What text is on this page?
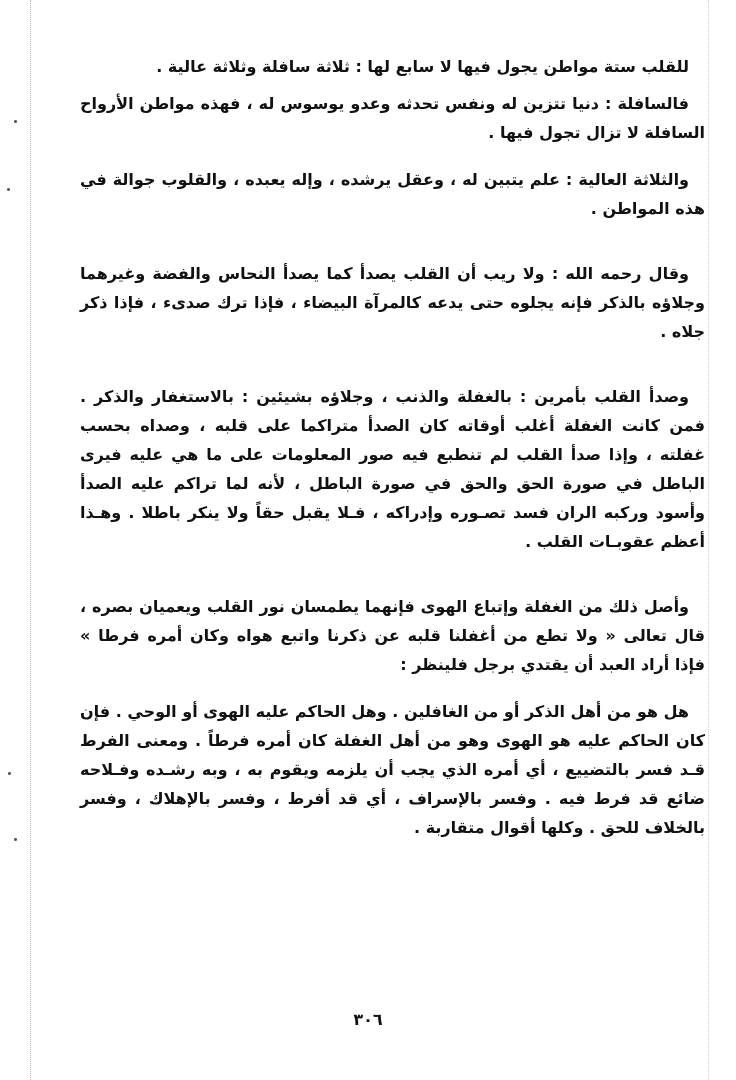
للقلب ستة مواطن يجول فيها لا سابع لها : ثلاثة سافلة وثلاثة عالية .

فالسافلة : دنيا تتزين له ونفس تحدثه وعدو يوسوس له ، فهذه مواطن الأرواح السافلة لا تزال تجول فيها .

والثلاثة العالية : علم يتبين له ، وعقل يرشده ، وإله يعبده ، والقلوب جوالة في هذه المواطن .

وقال رحمه الله : ولا ريب أن القلب يصدأ كما يصدأ النحاس والفضة وغيرهما وجلاؤه بالذكر فإنه يجلوه حتى يدعه كالمرآة البيضاء ، فإذا ترك صدىء ، فإذا ذكر جلاه .

وصدأ القلب بأمرين : بالغفلة والذنب ، وجلاؤه بشيئين : بالاستغفار والذكر . فمن كانت الغفلة أغلب أوقاته كان الصدأ متراكما على قلبه ، وصداه بحسب غفلته ، وإذا صدأ القلب لم تنطبع فيه صور المعلومات على ما هي عليه فيرى الباطل في صورة الحق والحق في صورة الباطل ، لأنه لما تراكم عليه الصدأ وأسود وركبه الران فسد تصـوره وإدراكه ، فـلا يقبل حقاً ولا ينكر باطلا . وهـذا أعظم عقوبـات القلب .

وأصل ذلك من الغفلة وإتباع الهوى فإنهما يطمسان نور القلب ويعميان بصره ، قال تعالى « ولا تطع من أغفلنا قلبه عن ذكرنا واتبع هواه وكان أمره فرطا » فإذا أراد العبد أن يقتدي برجل فلينظر :

هل هو من أهل الذكر أو من الغافلين . وهل الحاكم عليه الهوى أو الوحي . فإن كان الحاكم عليه هو الهوى وهو من أهل الغفلة كان أمره فرطاً . ومعنى الفرط قـد فسر بالتضييع ، أي أمره الذي يجب أن يلزمه ويقوم به ، وبه رشـده وفـلاحه ضائع قد فرط فيه . وفسر بالإسراف ، أي قد أفرط ، وفسر بالإهلاك ، وفسر بالخلاف للحق . وكلها أقوال متقاربة .

٣٠٦
